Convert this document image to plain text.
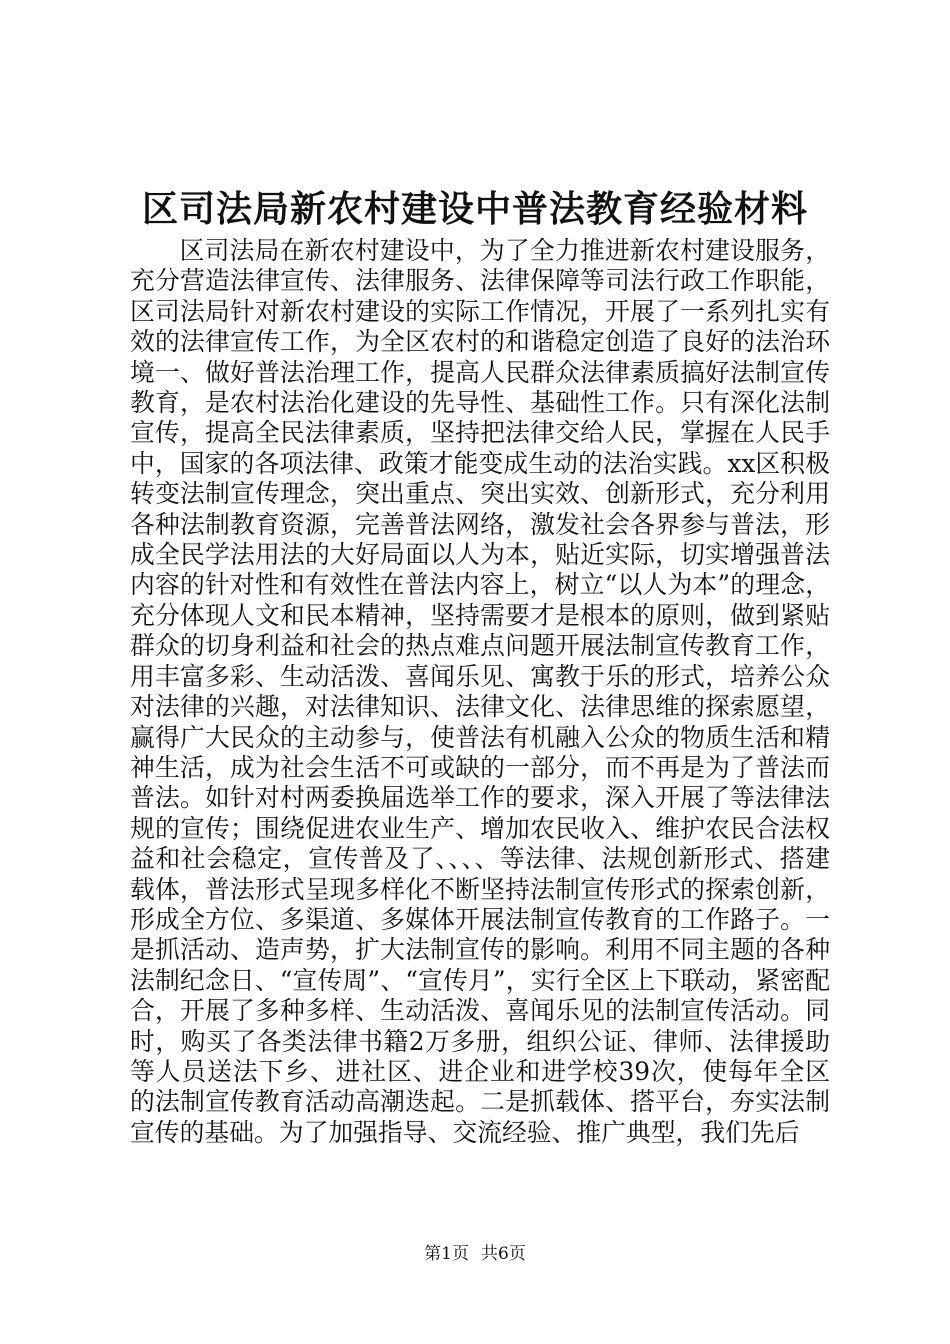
区司法局新农村建设中普法教育经验材料

区司法局在新农村建设中，为了全力推进新农村建设服务，充分营造法律宣传、法律服务、法律保障等司法行政工作职能，区司法局针对新农村建设的实际工作情况，开展了一系列扎实有效的法律宣传工作，为全区农村的和谐稳定创造了良好的法治环境一、做好普法治理工作，提高人民群众法律素质搞好法制宣传教育，是农村法治化建设的先导性、基础性工作。只有深化法制宣传，提高全民法律素质，坚持把法律交给人民，掌握在人民手中，国家的各项法律、政策才能变成生动的法治实践。xx区积极转变法制宣传理念，突出重点、突出实效、创新形式，充分利用各种法制教育资源，完善普法网络，激发社会各界参与普法，形成全民学法用法的大好局面以人为本，贴近实际，切实增强普法内容的针对性和有效性在普法内容上，树立“以人为本”的理念，充分体现人文和民本精神，坚持需要才是根本的原则，做到紧贴群众的切身利益和社会的热点难点问题开展法制宣传教育工作，用丰富多彩、生动活泼、喜闻乐见、寓教于乐的形式，培养公众对法律的兴趣，对法律知识、法律文化、法律思维的探索愿望，赢得广大民众的主动参与，使普法有机融入公众的物质生活和精神生活，成为社会生活不可或缺的一部分，而不再是为了普法而普法。如针对村两委换届选举工作的要求，深入开展了等法律法规的宣传；围绕促进农业生产、增加农民收入、维护农民合法权益和社会稳定，宣传普及了、、、、等法律、法规创新形式、搭建载体，普法形式呈现多样化不断坚持法制宣传形式的探索创新，形成全方位、多渠道、多媒体开展法制宣传教育的工作路子。一是抓活动、造声势，扩大法制宣传的影响。利用不同主题的各种法制纪念日、“宣传周”、“宣传月”，实行全区上下联动，紧密配合，开展了多种多样、生动活泼、喜闻乐见的法制宣传活动。同时，购买了各类法律书籍2万多册，组织公证、律师、法律援助等人员送法下乡、进社区、进企业和进学校39次，使每年全区的法制宣传教育活动高潮迭起。二是抓载体、搭平台，夯实法制宣传的基础。为了加强指导、交流经验、推广典型，我们先后

第1页 共6页
